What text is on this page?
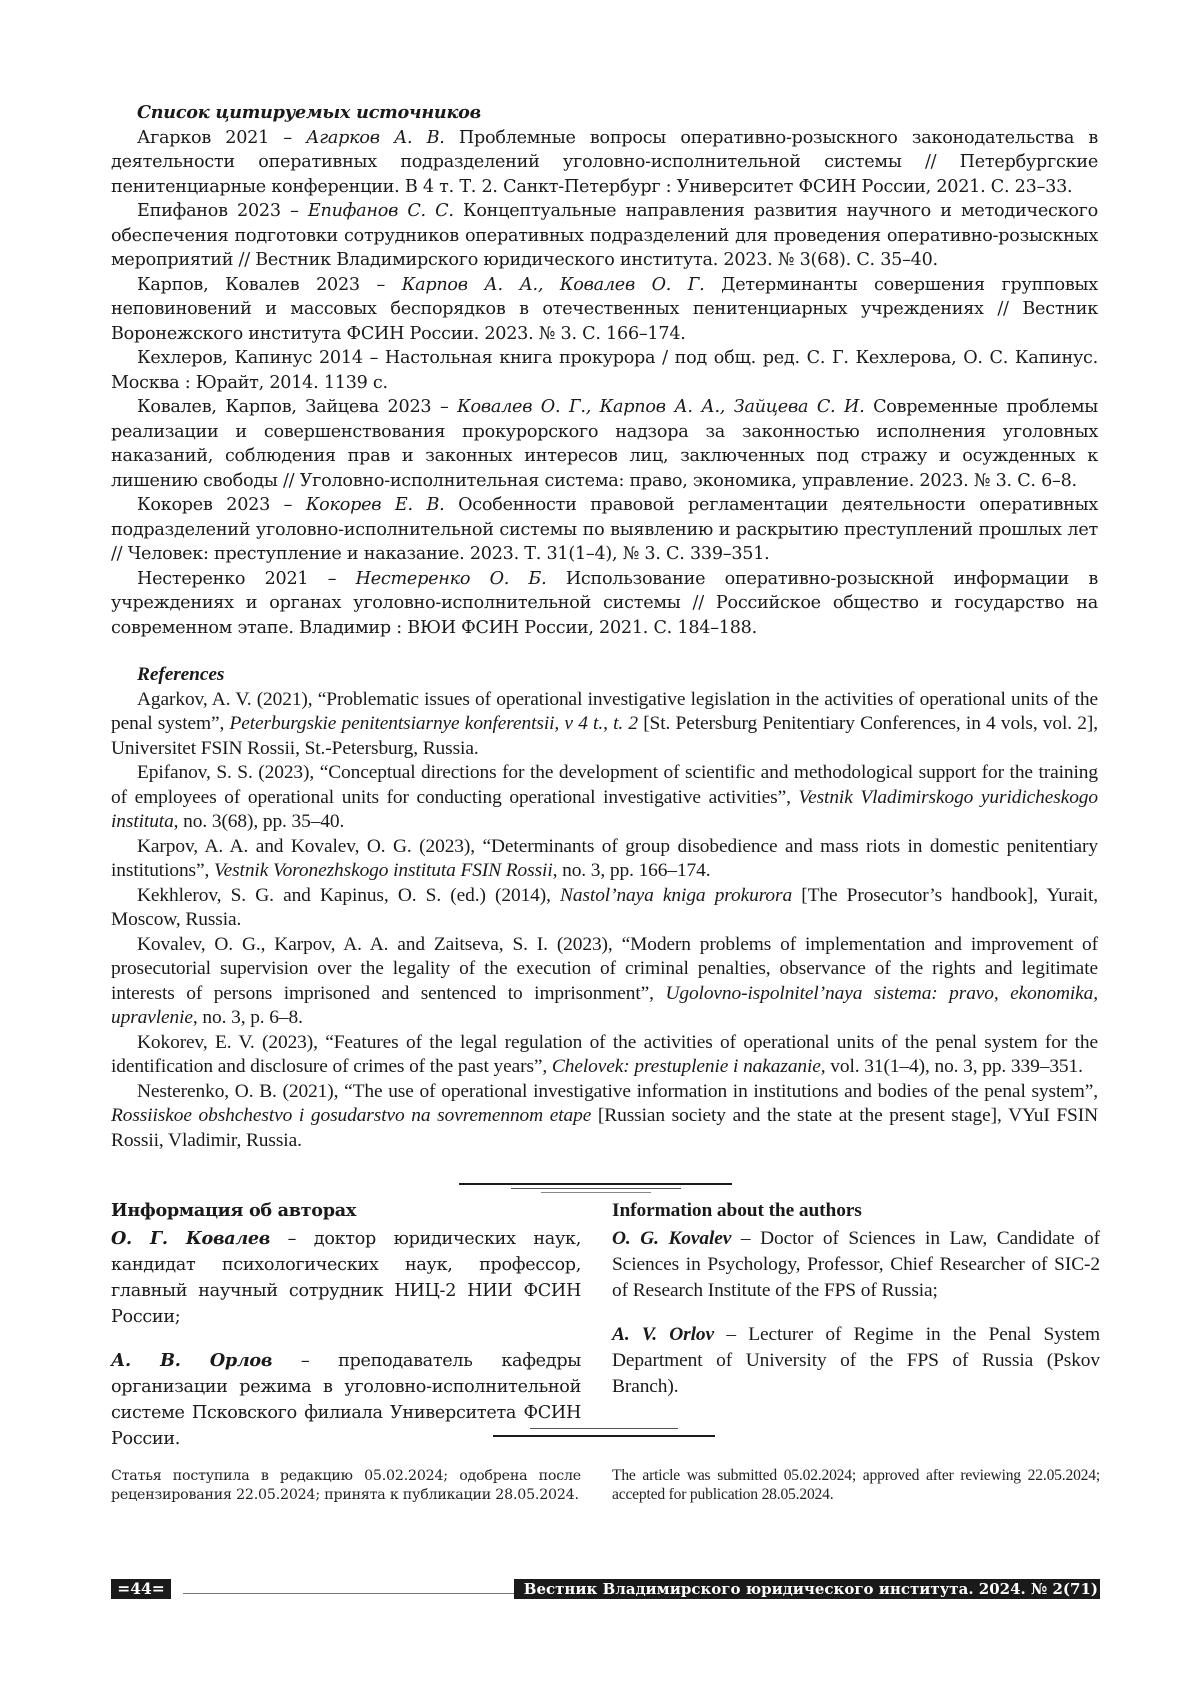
Список цитируемых источников

Агарков 2021 – Агарков А. В. Проблемные вопросы оперативно-розыскного законодательства в деятельности оперативных подразделений уголовно-исполнительной системы // Петербургские пенитенциарные конференции. В 4 т. Т. 2. Санкт-Петербург : Университет ФСИН России, 2021. С. 23–33.

Епифанов 2023 – Епифанов С. С. Концептуальные направления развития научного и методического обеспечения подготовки сотрудников оперативных подразделений для проведения оперативно-розыскных мероприятий // Вестник Владимирского юридического института. 2023. № 3(68). С. 35–40.

Карпов, Ковалев 2023 – Карпов А. А., Ковалев О. Г. Детерминанты совершения групповых неповиновений и массовых беспорядков в отечественных пенитенциарных учреждениях // Вестник Воронежского института ФСИН России. 2023. № 3. С. 166–174.

Кехлеров, Капинус 2014 – Настольная книга прокурора / под общ. ред. С. Г. Кехлерова, О. С. Капинус. Москва : Юрайт, 2014. 1139 с.

Ковалев, Карпов, Зайцева 2023 – Ковалев О. Г., Карпов А. А., Зайцева С. И. Современные проблемы реализации и совершенствования прокурорского надзора за законностью исполнения уголовных наказаний, соблюдения прав и законных интересов лиц, заключенных под стражу и осужденных к лишению свободы // Уголовно-исполнительная система: право, экономика, управление. 2023. № 3. С. 6–8.

Кокорев 2023 – Кокорев Е. В. Особенности правовой регламентации деятельности оперативных подразделений уголовно-исполнительной системы по выявлению и раскрытию преступлений прошлых лет // Человек: преступление и наказание. 2023. Т. 31(1–4), № 3. С. 339–351.

Нестеренко 2021 – Нестеренко О. Б. Использование оперативно-розыскной информации в учреждениях и органах уголовно-исполнительной системы // Российское общество и государство на современном этапе. Владимир : ВЮИ ФСИН России, 2021. С. 184–188.

References

Agarkov, A. V. (2021), “Problematic issues of operational investigative legislation in the activities of operational units of the penal system”, Peterburgskie penitentsiarnye konferentsii, v 4 t., t. 2 [St. Petersburg Penitentiary Conferences, in 4 vols, vol. 2], Universitet FSIN Rossii, St.-Petersburg, Russia.

Epifanov, S. S. (2023), “Conceptual directions for the development of scientific and methodological support for the training of employees of operational units for conducting operational investigative activities”, Vestnik Vladimirskogo yuridicheskogo instituta, no. 3(68), pp. 35–40.

Karpov, A. A. and Kovalev, O. G. (2023), “Determinants of group disobedience and mass riots in domestic penitentiary institutions”, Vestnik Voronezhskogo instituta FSIN Rossii, no. 3, pp. 166–174.

Kekhlerov, S. G. and Kapinus, O. S. (ed.) (2014), Nastol’naya kniga prokurora [The Prosecutor’s handbook], Yurait, Moscow, Russia.

Kovalev, O. G., Karpov, A. A. and Zaitseva, S. I. (2023), “Modern problems of implementation and improvement of prosecutorial supervision over the legality of the execution of criminal penalties, observance of the rights and legitimate interests of persons imprisoned and sentenced to imprisonment”, Ugolovno-ispolnitel’naya sistema: pravo, ekonomika, upravlenie, no. 3, p. 6–8.

Kokorev, E. V. (2023), “Features of the legal regulation of the activities of operational units of the penal system for the identification and disclosure of crimes of the past years”, Chelovek: prestuplenie i nakazanie, vol. 31(1–4), no. 3, pp. 339–351.

Nesterenko, O. B. (2021), “The use of operational investigative information in institutions and bodies of the penal system”, Rossiiskoe obshchestvo i gosudarstvo na sovremennom etape [Russian society and the state at the present stage], VYuI FSIN Rossii, Vladimir, Russia.

Информация об авторах

О. Г. Ковалев – доктор юридических наук, кандидат психологических наук, профессор, главный научный сотрудник НИЦ-2 НИИ ФСИН России;

А. В. Орлов – преподаватель кафедры организации режима в уголовно-исполнительной системе Псковского филиала Университета ФСИН России.

Information about the authors

O. G. Kovalev – Doctor of Sciences in Law, Candidate of Sciences in Psychology, Professor, Chief Researcher of SIC-2 of Research Institute of the FPS of Russia;

A. V. Orlov – Lecturer of Regime in the Penal System Department of University of the FPS of Russia (Pskov Branch).

Статья поступила в редакцию 05.02.2024; одобрена после рецензирования 22.05.2024; принята к публикации 28.05.2024.

The article was submitted 05.02.2024; approved after reviewing 22.05.2024; accepted for publication 28.05.2024.

=44=	Вестник Владимирского юридического института. 2024. № 2(71)
